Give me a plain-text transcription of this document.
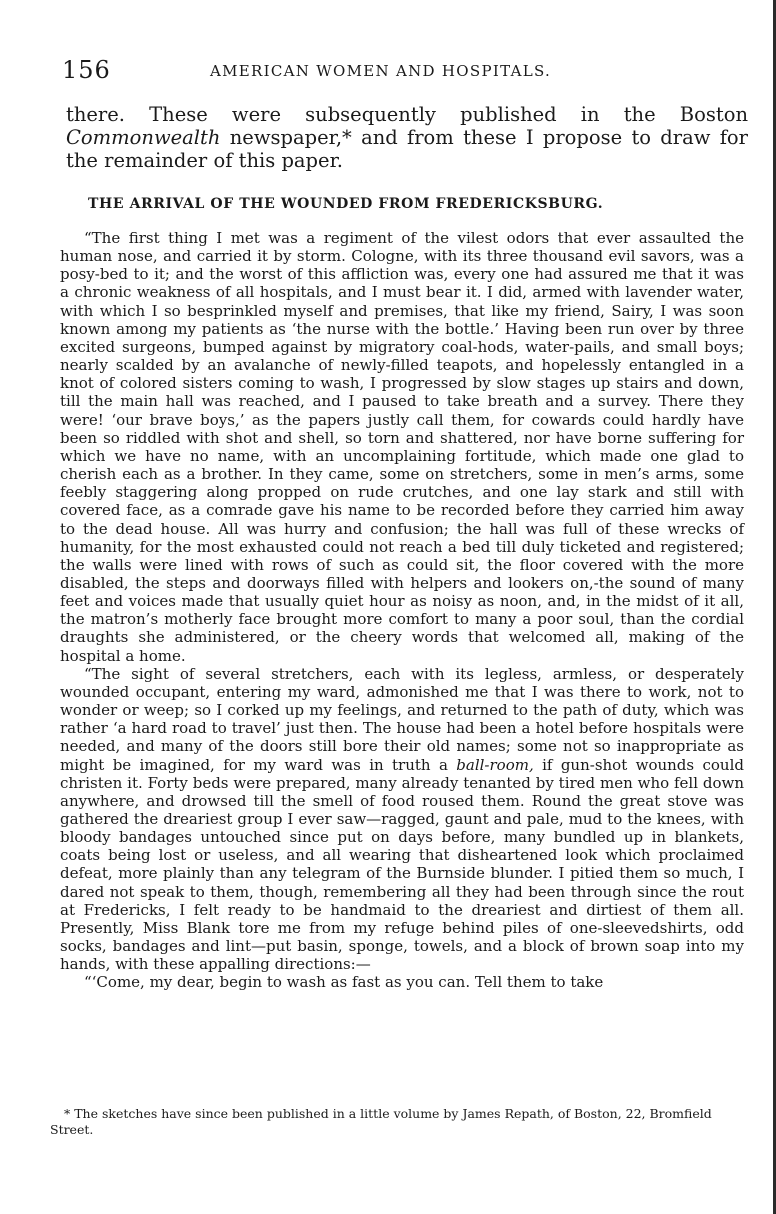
156	AMERICAN WOMEN AND HOSPITALS.

there. These were subsequently published in the Boston Commonwealth newspaper,* and from these I propose to draw for the remainder of this paper.

THE ARRIVAL OF THE WOUNDED FROM FREDERICKSBURG.

“The first thing I met was a regiment of the vilest odors that ever assaulted the human nose, and carried it by storm. Cologne, with its three thousand evil savors, was a posy-bed to it; and the worst of this affliction was, every one had assured me that it was a chronic weakness of all hospitals, and I must bear it. I did, armed with lavender water, with which I so besprinkled myself and premises, that like my friend, Sairy, I was soon known among my patients as ‘the nurse with the bottle.’ Having been run over by three excited surgeons, bumped against by migratory coal-hods, water-pails, and small boys; nearly scalded by an avalanche of newly-filled teapots, and hopelessly entangled in a knot of colored sisters coming to wash, I progressed by slow stages up stairs and down, till the main hall was reached, and I paused to take breath and a survey. There they were! ‘our brave boys,’ as the papers justly call them, for cowards could hardly have been so riddled with shot and shell, so torn and shattered, nor have borne suffering for which we have no name, with an uncomplaining fortitude, which made one glad to cherish each as a brother. In they came, some on stretchers, some in men’s arms, some feebly staggering along propped on rude crutches, and one lay stark and still with covered face, as a comrade gave his name to be recorded before they carried him away to the dead house. All was hurry and confusion; the hall was full of these wrecks of humanity, for the most exhausted could not reach a bed till duly ticketed and registered; the walls were lined with rows of such as could sit, the floor covered with the more disabled, the steps and doorways filled with helpers and lookers on,-the sound of many feet and voices made that usually quiet hour as noisy as noon, and, in the midst of it all, the matron’s motherly face brought more comfort to many a poor soul, than the cordial draughts she administered, or the cheery words that welcomed all, making of the hospital a home.

“The sight of several stretchers, each with its legless, armless, or desperately wounded occupant, entering my ward, admonished me that I was there to work, not to wonder or weep; so I corked up my feelings, and returned to the path of duty, which was rather ‘a hard road to travel’ just then. The house had been a hotel before hospitals were needed, and many of the doors still bore their old names; some not so inappropriate as might be imagined, for my ward was in truth a ball-room, if gun-shot wounds could christen it. Forty beds were prepared, many already tenanted by tired men who fell down anywhere, and drowsed till the smell of food roused them. Round the great stove was gathered the dreariest group I ever saw—ragged, gaunt and pale, mud to the knees, with bloody bandages untouched since put on days before, many bundled up in blankets, coats being lost or useless, and all wearing that disheartened look which proclaimed defeat, more plainly than any telegram of the Burnside blunder. I pitied them so much, I dared not speak to them, though, remembering all they had been through since the rout at Fredericks, I felt ready to be handmaid to the dreariest and dirtiest of them all. Presently, Miss Blank tore me from my refuge behind piles of one-sleevedshirts, odd socks, bandages and lint—put basin, sponge, towels, and a block of brown soap into my hands, with these appalling directions:—

“‘Come, my dear, begin to wash as fast as you can. Tell them to take

* The sketches have since been published in a little volume by James Repath, of Boston, 22, Bromfield Street.
